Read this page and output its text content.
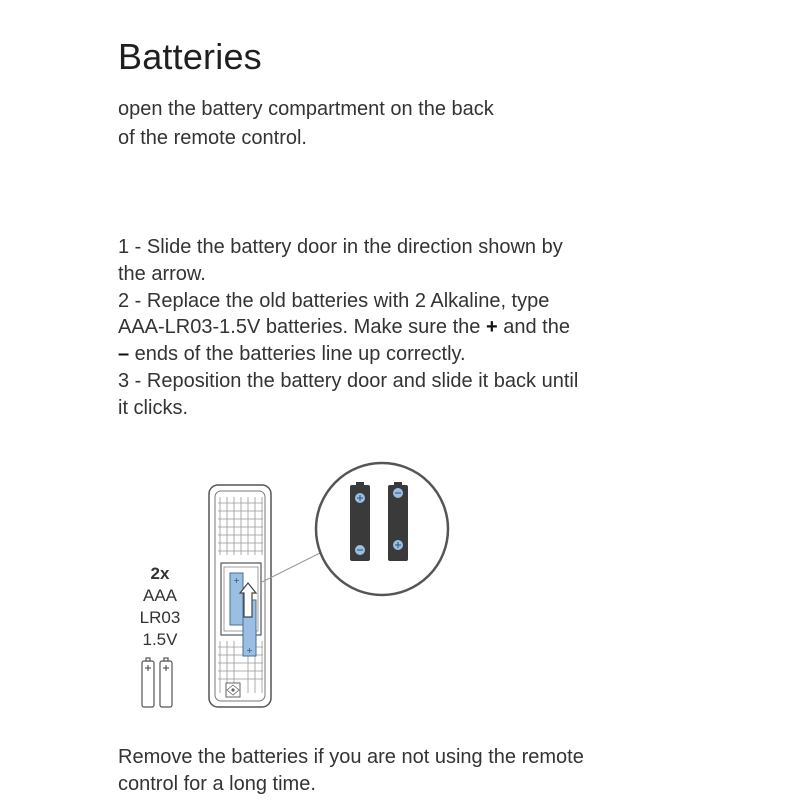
Batteries
open the battery compartment on the back
of the remote control.
1 - Slide the battery door in the direction shown by
the arrow.
2 - Replace the old batteries with 2 Alkaline, type
AAA-LR03-1.5V batteries. Make sure the + and the
– ends of the batteries line up correctly.
3 - Reposition the battery door and slide it back until
it clicks.
2x
AAA
LR03
1.5V
+
+
Remove the batteries if you are not using the remote
control for a long time.
